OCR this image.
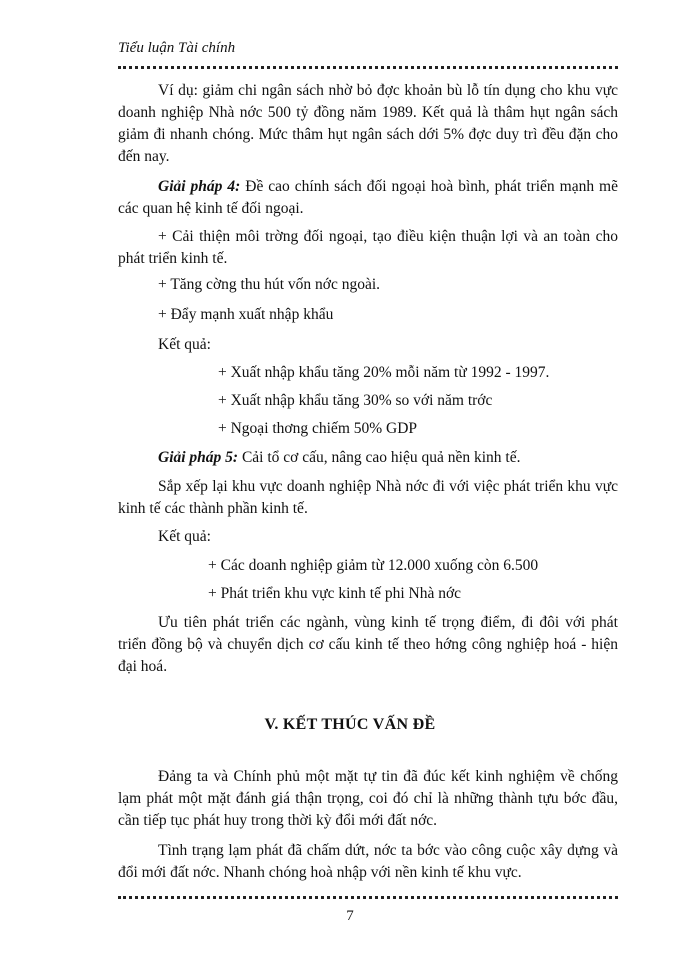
Tiểu luận Tài chính

Ví dụ: giảm chi ngân sách nhờ bỏ đợc khoản bù lỗ tín dụng cho khu vực doanh nghiệp Nhà nớc 500 tỷ đồng năm 1989. Kết quả là thâm hụt ngân sách giảm đi nhanh chóng. Mức thâm hụt ngân sách dới 5% đợc duy trì đều đặn cho đến nay.

Giải pháp 4: Đề cao chính sách đối ngoại hoà bình, phát triển mạnh mẽ các quan hệ kinh tế đối ngoại.

+ Cải thiện môi trờng đối ngoại, tạo điều kiện thuận lợi và an toàn cho phát triển kinh tế.

+ Tăng cờng thu hút vốn nớc ngoài.

+ Đẩy mạnh xuất nhập khẩu

Kết quả:

+ Xuất nhập khẩu tăng 20% mỗi năm từ 1992 - 1997.

+ Xuất nhập khẩu tăng 30% so với năm trớc

+ Ngoại thơng chiếm 50% GDP

Giải pháp 5: Cải tổ cơ cấu, nâng cao hiệu quả nền kinh tế.

Sắp xếp lại khu vực doanh nghiệp Nhà nớc đi với việc phát triển khu vực kinh tế các thành phần kinh tế.

Kết quả:

+ Các doanh nghiệp giảm từ 12.000 xuống còn 6.500

+ Phát triển khu vực kinh tế phi Nhà nớc

Ưu tiên phát triển các ngành, vùng kinh tế trọng điểm, đi đôi với phát triển đồng bộ và chuyển dịch cơ cấu kinh tế theo hớng công nghiệp hoá - hiện đại hoá.

V. KẾT THÚC VẤN ĐỀ

Đảng ta và Chính phủ một mặt tự tin đã đúc kết kinh nghiệm về chống lạm phát một mặt đánh giá thận trọng, coi đó chỉ là những thành tựu bớc đầu, cần tiếp tục phát huy trong thời kỳ đổi mới đất nớc.

Tình trạng lạm phát đã chấm dứt, nớc ta bớc vào công cuộc xây dựng và đổi mới đất nớc. Nhanh chóng hoà nhập với nền kinh tế khu vực.

7
